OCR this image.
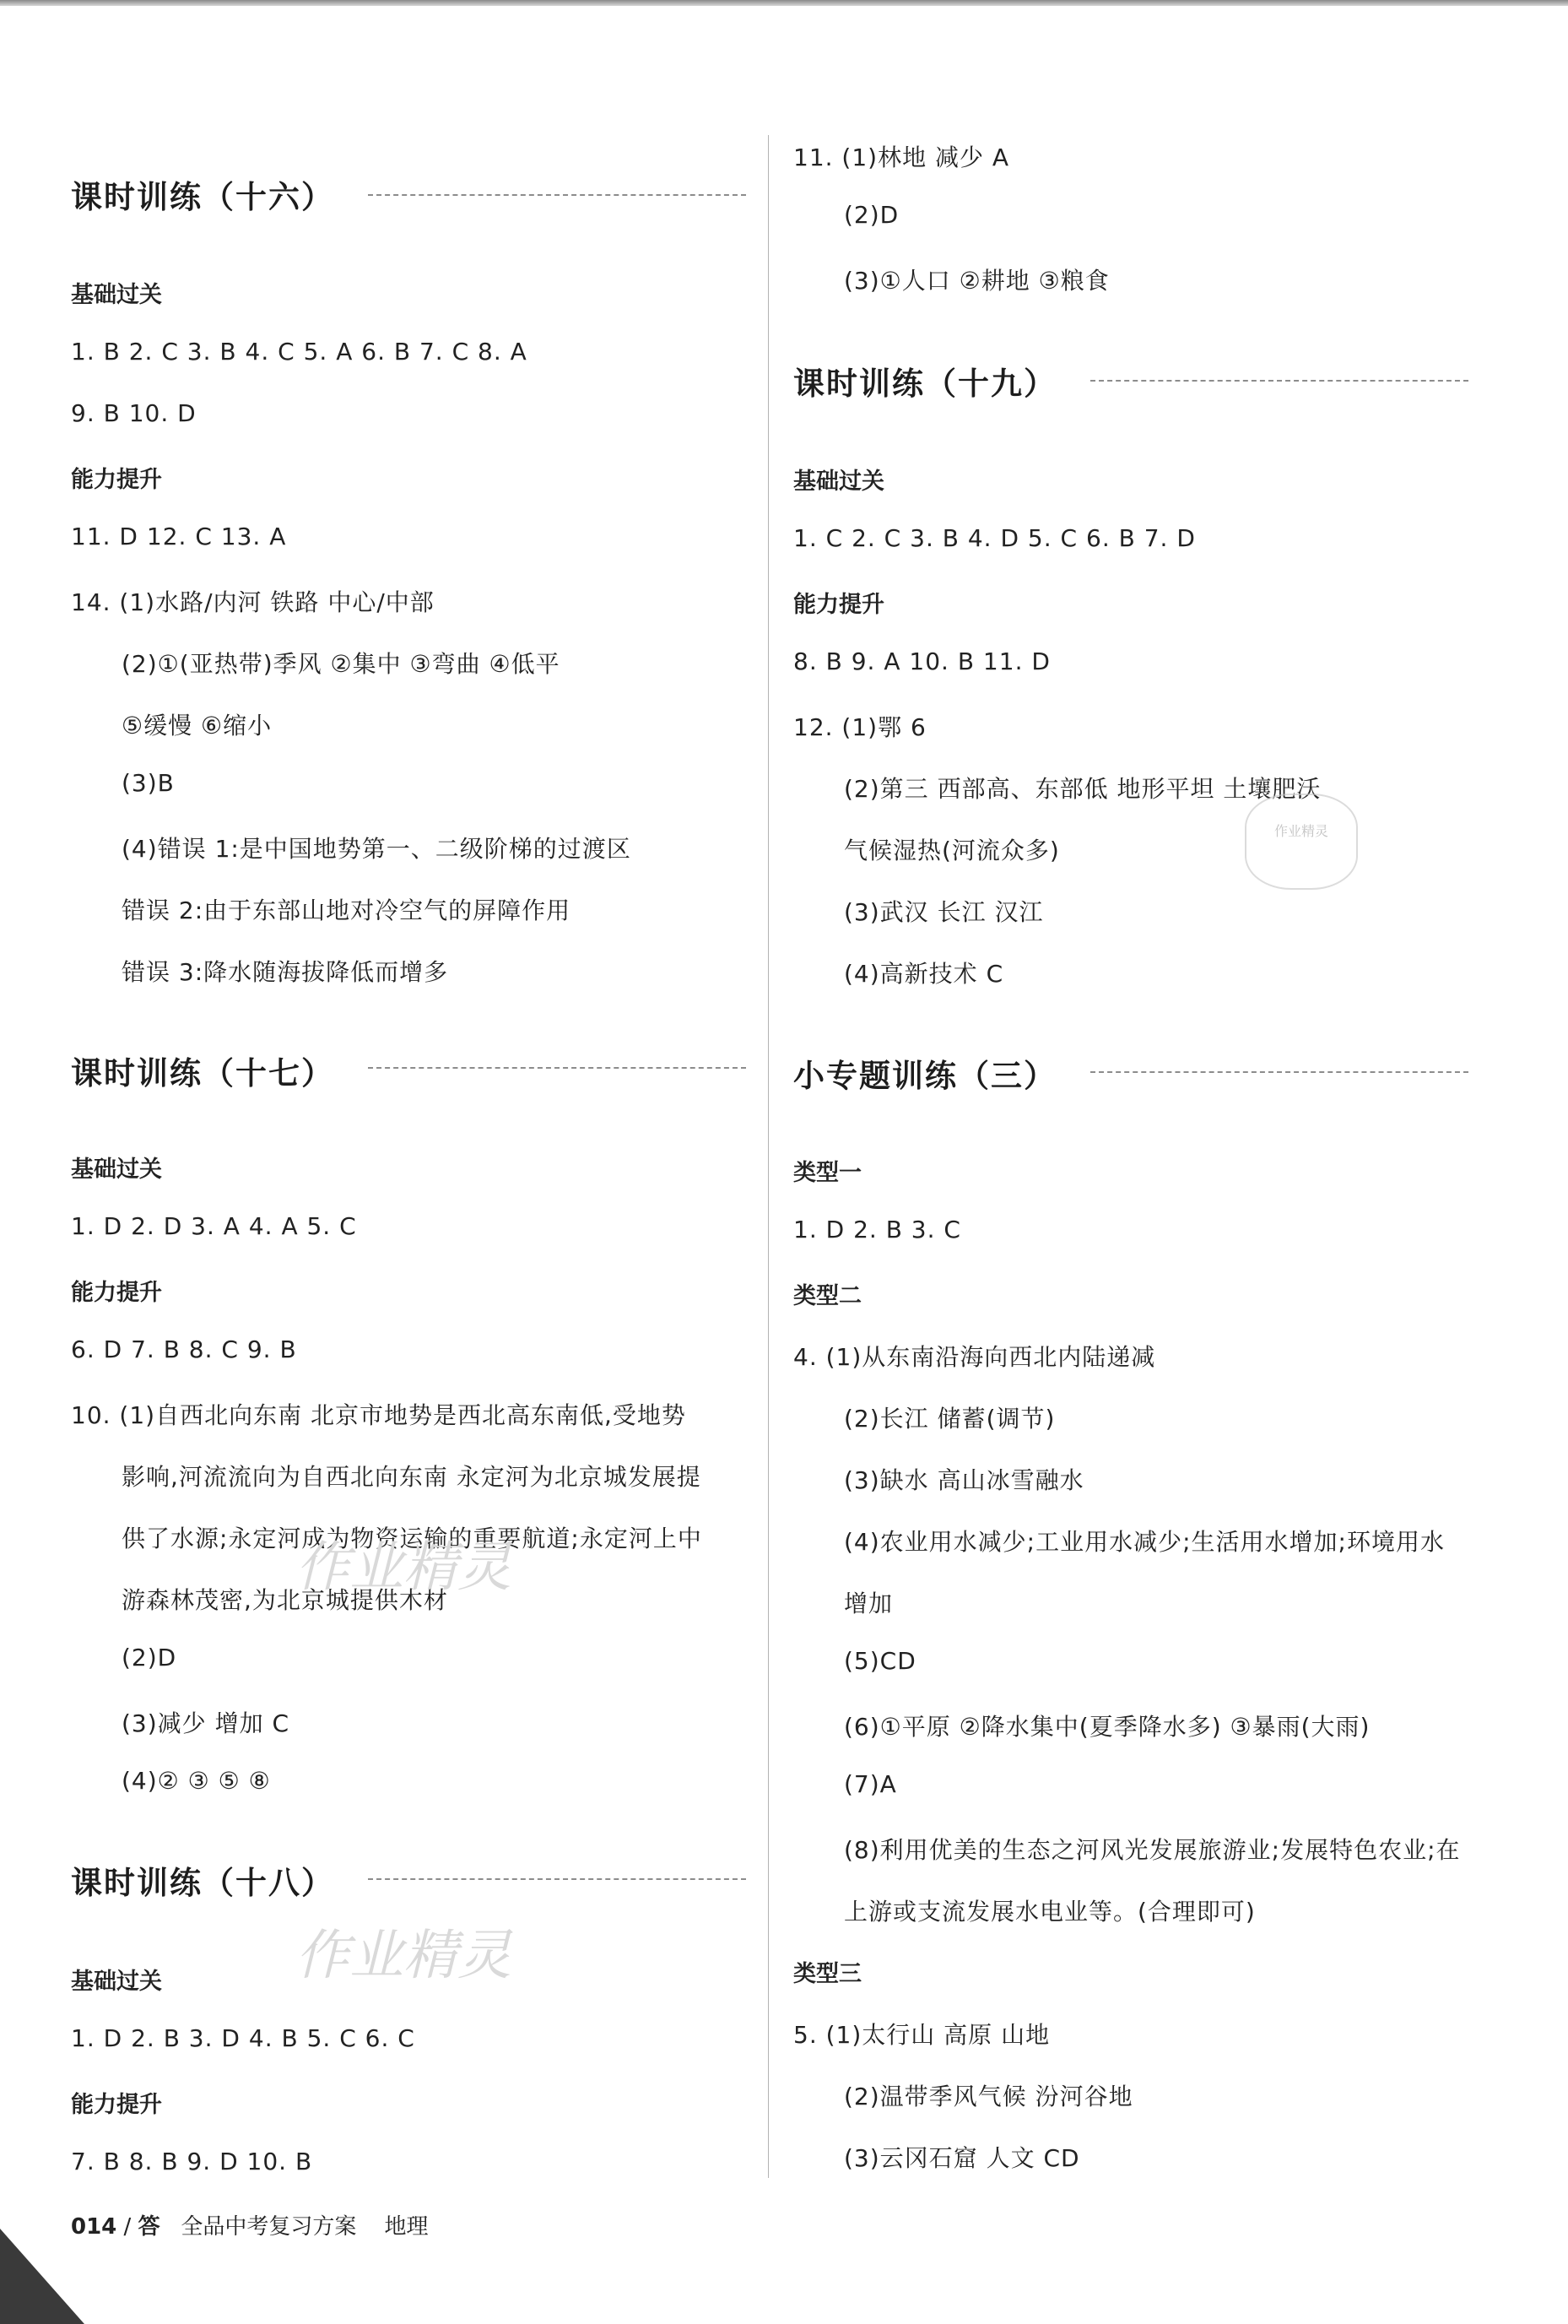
课时训练（十六）
基础过关
1. B 2. C 3. B 4. C 5. A 6. B 7. C 8. A
9. B 10. D
能力提升
11. D 12. C 13. A
14. (1)水路/内河 铁路 中心/中部
(2)①(亚热带)季风 ②集中 ③弯曲 ④低平
⑤缓慢 ⑥缩小
(3)B
(4)错误 1:是中国地势第一、二级阶梯的过渡区
错误 2:由于东部山地对冷空气的屏障作用
错误 3:降水随海拔降低而增多
课时训练（十七）
基础过关
1. D 2. D 3. A 4. A 5. C
能力提升
6. D 7. B 8. C 9. B
10. (1)自西北向东南 北京市地势是西北高东南低,受地势
影响,河流流向为自西北向东南 永定河为北京城发展提
供了水源;永定河成为物资运输的重要航道;永定河上中
游森林茂密,为北京城提供木材
(2)D
(3)减少 增加 C
(4)② ③ ⑤ ⑧
课时训练（十八）
基础过关
1. D 2. B 3. D 4. B 5. C 6. C
能力提升
7. B 8. B 9. D 10. B
11. (1)林地 减少 A
(2)D
(3)①人口 ②耕地 ③粮食
课时训练（十九）
基础过关
1. C 2. C 3. B 4. D 5. C 6. B 7. D
能力提升
8. B 9. A 10. B 11. D
12. (1)鄂 6
(2)第三 西部高、东部低 地形平坦 土壤肥沃
气候湿热(河流众多)
(3)武汉 长江 汉江
(4)高新技术 C
小专题训练（三）
类型一
1. D 2. B 3. C
类型二
4. (1)从东南沿海向西北内陆递减
(2)长江 储蓄(调节)
(3)缺水 高山冰雪融水
(4)农业用水减少;工业用水减少;生活用水增加;环境用水
增加
(5)CD
(6)①平原 ②降水集中(夏季降水多) ③暴雨(大雨)
(7)A
(8)利用优美的生态之河风光发展旅游业;发展特色农业;在
上游或支流发展水电业等。(合理即可)
类型三
5. (1)太行山 高原 山地
(2)温带季风气候 汾河谷地
(3)云冈石窟 人文 CD
作业精灵
作业精灵
作业精灵
014 / 答 全品中考复习方案 地理
